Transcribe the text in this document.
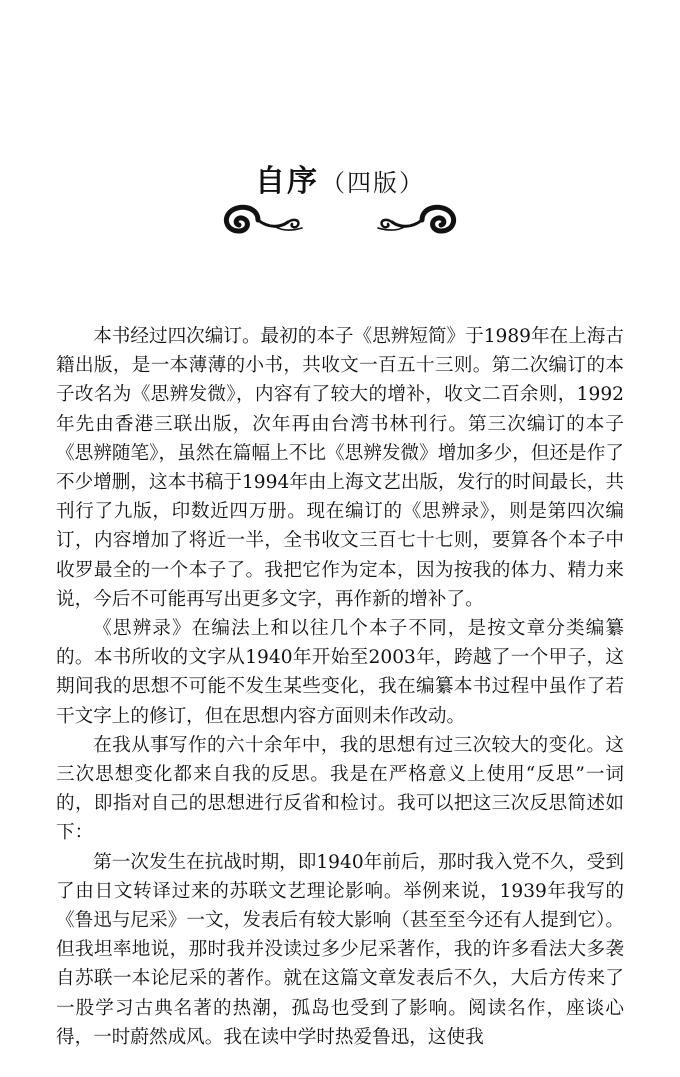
自序（四版）

本书经过四次编订。最初的本子《思辨短简》于1989年在上海古籍出版，是一本薄薄的小书，共收文一百五十三则。第二次编订的本子改名为《思辨发微》，内容有了较大的增补，收文二百余则，1992年先由香港三联出版，次年再由台湾书林刊行。第三次编订的本子《思辨随笔》，虽然在篇幅上不比《思辨发微》增加多少，但还是作了不少增删，这本书稿于1994年由上海文艺出版，发行的时间最长，共刊行了九版，印数近四万册。现在编订的《思辨录》，则是第四次编订，内容增加了将近一半，全书收文三百七十七则，要算各个本子中收罗最全的一个本子了。我把它作为定本，因为按我的体力、精力来说，今后不可能再写出更多文字，再作新的增补了。

《思辨录》在编法上和以往几个本子不同，是按文章分类编纂的。本书所收的文字从1940年开始至2003年，跨越了一个甲子，这期间我的思想不可能不发生某些变化，我在编纂本书过程中虽作了若干文字上的修订，但在思想内容方面则未作改动。

在我从事写作的六十余年中，我的思想有过三次较大的变化。这三次思想变化都来自我的反思。我是在严格意义上使用“反思”一词的，即指对自己的思想进行反省和检讨。我可以把这三次反思简述如下：

第一次发生在抗战时期，即1940年前后，那时我入党不久，受到了由日文转译过来的苏联文艺理论影响。举例来说，1939年我写的《鲁迅与尼采》一文，发表后有较大影响（甚至至今还有人提到它）。但我坦率地说，那时我并没读过多少尼采著作，我的许多看法大多袭自苏联一本论尼采的著作。就在这篇文章发表后不久，大后方传来了一股学习古典名著的热潮，孤岛也受到了影响。阅读名作，座谈心得，一时蔚然成风。我在读中学时热爱鲁迅，这使我
